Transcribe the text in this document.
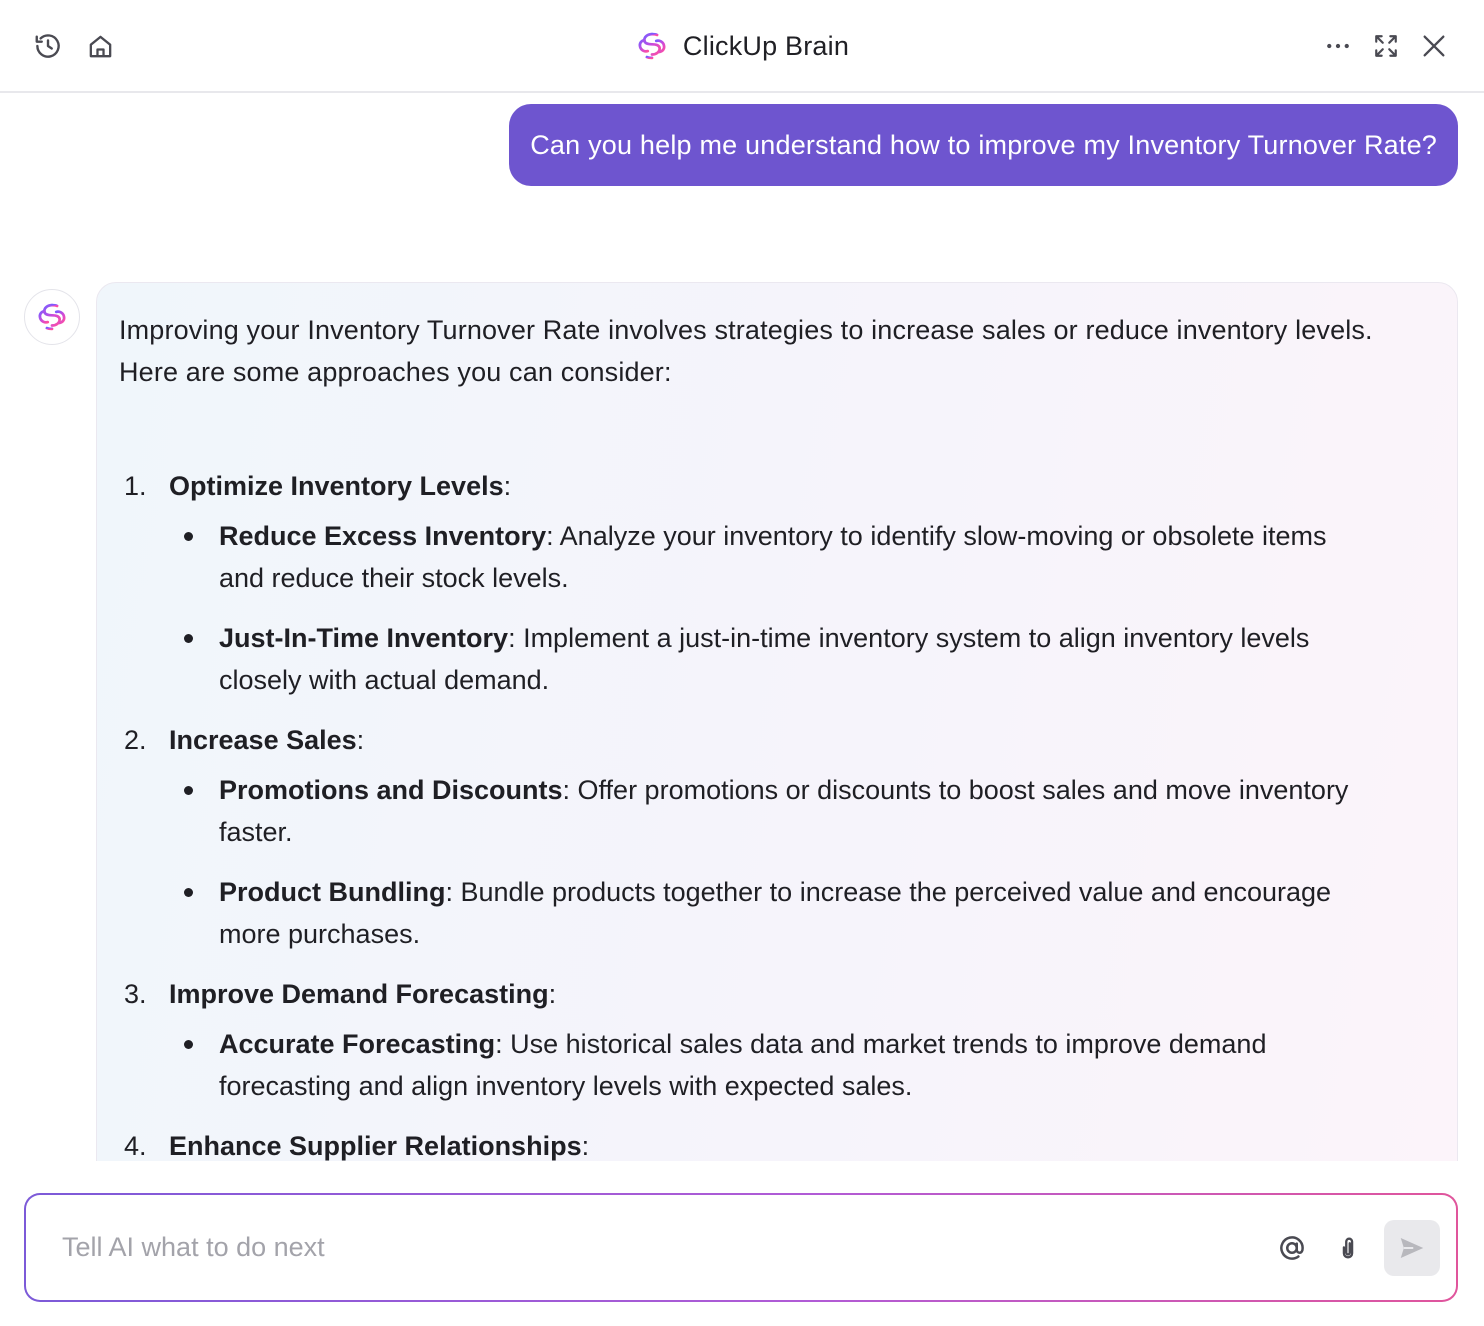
ClickUp Brain
Can you help me understand how to improve my Inventory Turnover Rate?

Improving your Inventory Turnover Rate involves strategies to increase sales or reduce inventory levels. Here are some approaches you can consider:

1. Optimize Inventory Levels:
Reduce Excess Inventory: Analyze your inventory to identify slow-moving or obsolete items and reduce their stock levels.
Just-In-Time Inventory: Implement a just-in-time inventory system to align inventory levels closely with actual demand.
2. Increase Sales:
Promotions and Discounts: Offer promotions or discounts to boost sales and move inventory faster.
Product Bundling: Bundle products together to increase the perceived value and encourage more purchases.
3. Improve Demand Forecasting:
Accurate Forecasting: Use historical sales data and market trends to improve demand forecasting and align inventory levels with expected sales.
4. Enhance Supplier Relationships:
Tell AI what to do next
